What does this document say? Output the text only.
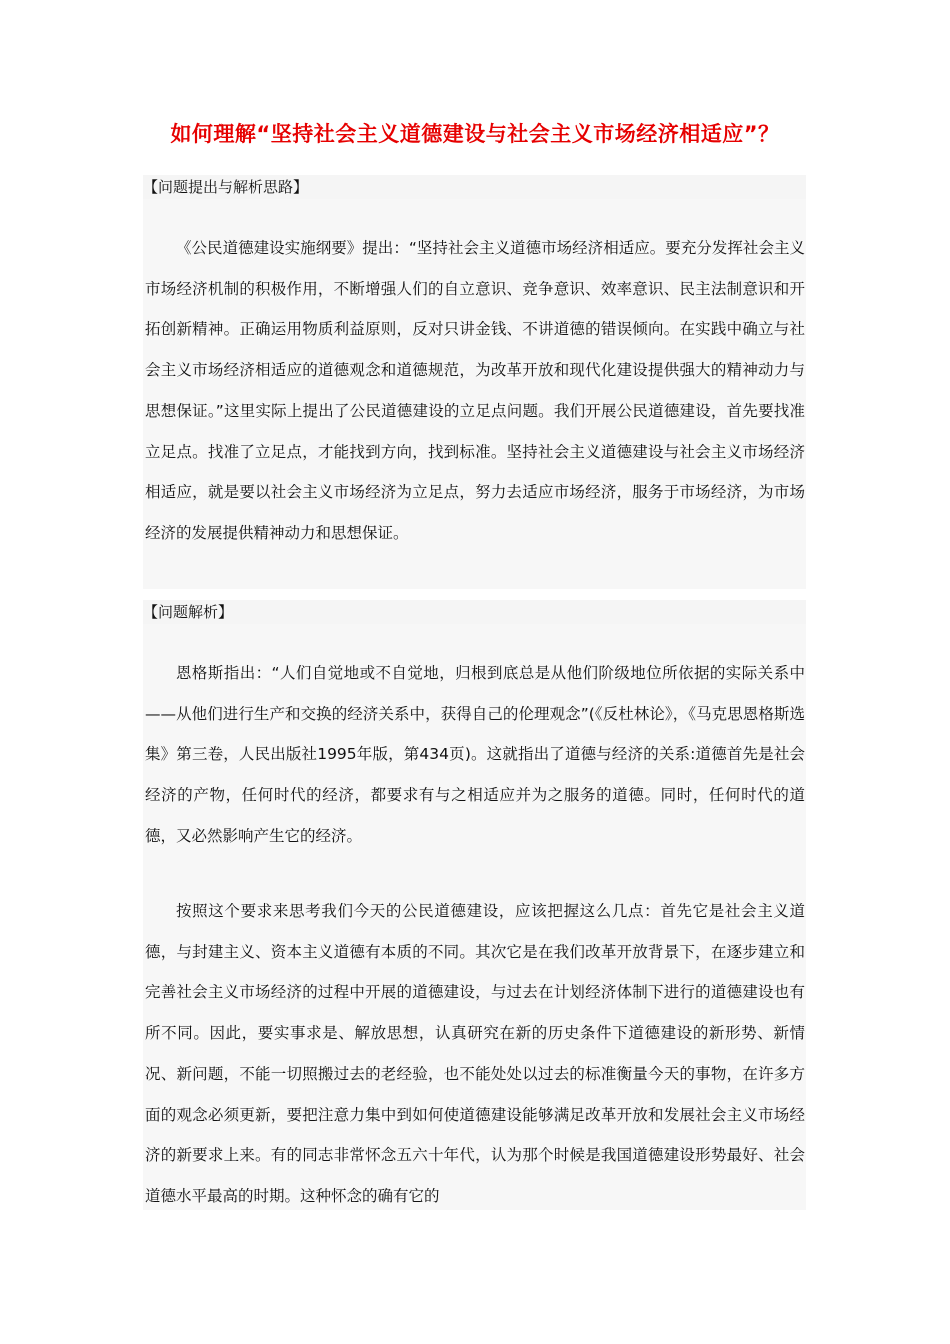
如何理解“坚持社会主义道德建设与社会主义市场经济相适应”？
【问题提出与解析思路】

《公民道德建设实施纲要》提出：“坚持社会主义道德市场经济相适应。要充分发挥社会主义市场经济机制的积极作用，不断增强人们的自立意识、竞争意识、效率意识、民主法制意识和开拓创新精神。正确运用物质利益原则，反对只讲金钱、不讲道德的错误倾向。在实践中确立与社会主义市场经济相适应的道德观念和道德规范，为改革开放和现代化建设提供强大的精神动力与思想保证。”这里实际上提出了公民道德建设的立足点问题。我们开展公民道德建设，首先要找准立足点。找准了立足点，才能找到方向，找到标准。坚持社会主义道德建设与社会主义市场经济相适应，就是要以社会主义市场经济为立足点，努力去适应市场经济，服务于市场经济，为市场经济的发展提供精神动力和思想保证。

【问题解析】

恩格斯指出：“人们自觉地或不自觉地，归根到底总是从他们阶级地位所依据的实际关系中——从他们进行生产和交换的经济关系中，获得自己的伦理观念”(《反杜林论》，《马克思恩格斯选集》第三卷，人民出版社1995年版，第434页)。这就指出了道德与经济的关系:道德首先是社会经济的产物，任何时代的经济，都要求有与之相适应并为之服务的道德。同时，任何时代的道德，又必然影响产生它的经济。

按照这个要求来思考我们今天的公民道德建设，应该把握这么几点：首先它是社会主义道德，与封建主义、资本主义道德有本质的不同。其次它是在我们改革开放背景下，在逐步建立和完善社会主义市场经济的过程中开展的道德建设，与过去在计划经济体制下进行的道德建设也有所不同。因此，要实事求是、解放思想，认真研究在新的历史条件下道德建设的新形势、新情况、新问题，不能一切照搬过去的老经验，也不能处处以过去的标准衡量今天的事物，在许多方面的观念必须更新，要把注意力集中到如何使道德建设能够满足改革开放和发展社会主义市场经济的新要求上来。有的同志非常怀念五六十年代，认为那个时候是我国道德建设形势最好、社会道德水平最高的时期。这种怀念的确有它的
